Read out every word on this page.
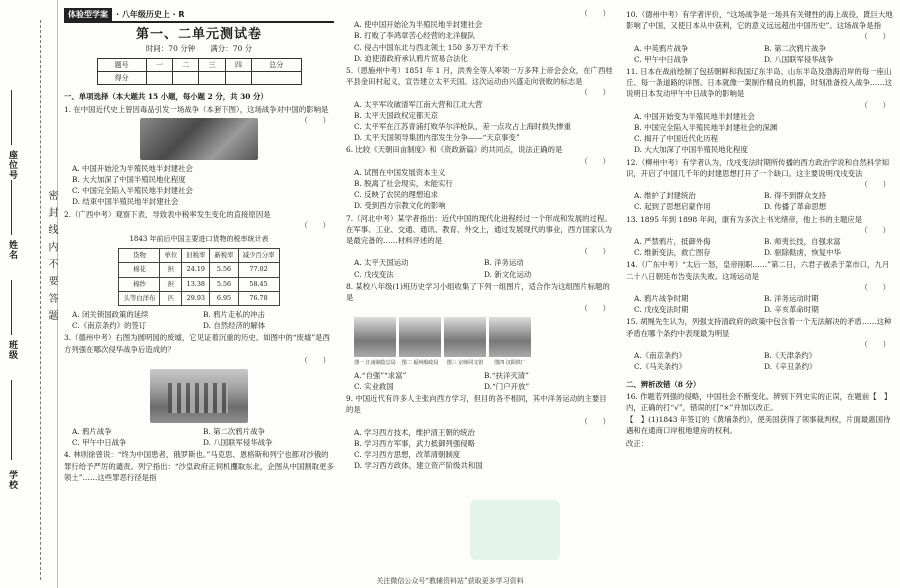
学校
班级
姓名
座位号
密 封 线 内 不 要 答 题
体验型学案	· 八年级历史上 · R
第一、二单元测试卷
时间：70 分钟　　满分：70 分
题号	一	二	三	四	总分
得分					
一、单项选择（本大题共 15 小题，每小题 2 分，共 30 分）
1. 在中国近代史上曾因毒品引发一场战争（本套下图），这场战争对中国的影响是
（　　）
A. 中国开始沦为半殖民地半封建社会
B. 大大加深了中国半殖民地化程度
C. 中国完全陷入半殖民地半封建社会
D. 结束中国半殖民地半封建社会
2.（广西中考）观察下表，导致表中税率发生变化的直接原因是
（　　）
1843 年前后中国主要进口货物的税率统计表
货物	单位	旧税率	新税率	减少百分率
棉花	担	24.19	5.56	77.02
棉纱	担	13.38	5.56	58.45
头等白洋布	匹	29.93	6.95	76.78
A. 闭关锁国政策的延续	B. 鸦片走私的冲击
C.《南京条约》的签订	D. 自然经济的解体
3.（德州中考）右图为圆明园的废墟，它见证着沉重的历史。如图中的“废墟”是西方列强在哪次侵华战争后造成的？
（　　）
A. 鸦片战争	B. 第二次鸦片战争
C. 甲午中日战争	D. 八国联军侵华战争
4. 林则徐曾说：“终为中国患者，俄罗斯也。”马克思、恩格斯和列宁也都对沙俄的罪行给予严厉的谴责。列宁指出：“沙皇政府正伺机攫取东北，企图从中国割取更多领土”……这些罪恶行径是指
（　　）
A. 使中国开始沦为半殖民地半封建社会
B. 打败了李鸿章苦心经营的北洋舰队
C. 侵占中国东北与西北领土 150 多万平方千米
D. 迫使清政府承认鸦片贸易合法化
5.（恩施州中考）1851 年 1 月，洪秀全等人率领一万多拜上帝会会众，在广西桂平县金田村起义，宣告建立太平天国。这次运动由兴盛走向衰败的标志是
（　　）
A. 太平军攻破清军江南大营和江北大营
B. 太平天国政权定都天京
C. 太平军在江苏青浦打败华尔洋枪队，差一点攻占上海时损失惨重
D. 太平天国领导集团内部发生分争——“天京事变”
6. 比较《天朝田亩制度》和《资政新篇》的共同点，说法正确的是
（　　）
A. 试图在中国发展资本主义
B. 脱离了社会现实，未能实行
C. 反映了农民的理想追求
D. 受到西方宗教文化的影响
7.（河北中考）某学者指出：近代中国的现代化进程经过一个形成和发展的过程。在军事、工业、交通、通讯、教育、外交上，通过发展现代的事业，西方国家认为是最完备的……材料评述的是
（　　）
A. 太平天国运动	B. 洋务运动
C. 戊戌变法	D. 新文化运动
8. 某校八年级(1)班历史学习小组收集了下列一组图片，适合作为这组图片标题的是
（　　）
图一 江南制造总局	图二 福州船政局	图三 京师同文馆	图四 汉阳铁厂
A.“自强”“求富”	B.“扶洋灭清”
C. 实业救国	D.“门户开放”
9. 中国近代有许多人主张向西方学习，但目的各不相同，其中洋务运动的主要目的是
（　　）
A. 学习西方技术，维护清王朝的统治
B. 学习西方军事，武力抵御列强侵略
C. 学习西方思想，改革清朝制度
D. 学习西方政体，建立资产阶级共和国
10.（德州中考）有学者评价，“这场战争是一场具有关键性的海上战役，既巨大地影响了中国，又使日本从中获利，它的意义远远超出中国历史”。这场战争是指
（　　）
A. 中英鸦片战争	B. 第二次鸦片战争
C. 甲午中日战争	D. 八国联军侵华战争
11. 日本在战前绘制了包括朝鲜和我国辽东半岛、山东半岛及渤海沿岸的每一座山丘、每一条道路的详图。日本就像一架制作精良的机器，时刻准备投入战争……这说明日本发动甲午中日战争的影响是
（　　）
A. 中国开始变为半殖民地半封建社会
B. 中国完全陷入半殖民地半封建社会的深渊
C. 揭开了中国近代化历程
D. 大大加深了中国半殖民地化程度
12.（柳州中考）有学者认为，戊戌变法时期所传播的西方政治学说和自然科学知识，开启了中国几千年的封建思想打开了一个缺口。这主要说明戊戌变法
（　　）
A. 维护了封建统治	B. 得不到群众支持
C. 起到了思想启蒙作用	D. 传播了革命思想
13. 1895 年到 1898 年间，康有为多次上书光绪帝，他上书的主题应是
（　　）
A. 严禁鸦片，抵御外侮	B. 师夷长技，自强求富
C. 维新变法，救亡图存	D. 驱除鞑虏，恢复中华
14.（广东中考）“太后一怒，皇帝削职……”第二日，六君子被杀于菜市口，九月二十八日朝廷布告变法失败。这场运动是
（　　）
A. 鸦片战争时期	B. 洋务运动时期
C. 戊戌变法时期	D. 辛亥革命时期
15. 胡绳先生认为，列强支持清政府的政策中包含着一个无法解决的矛盾……这种矛盾在哪个条约中表现最为明显
（　　）
A.《南京条约》	B.《天津条约》
C.《马关条约》	D.《辛丑条约》
二、辨析改错（8 分）
16. 作题若列强的侵略，中国社会不断变化。辨别下列史实的正误，在题前【　】内，正确的打“√”，错误的打“×”并加以改正。
【　】(1)1843 年签订的《黄埔条约》，使美国获得了领事裁判权，片面最惠国待遇和在通商口岸租地建房的权利。
改正：
关注微信公众号“教辅资料站”获取更多学习资料
